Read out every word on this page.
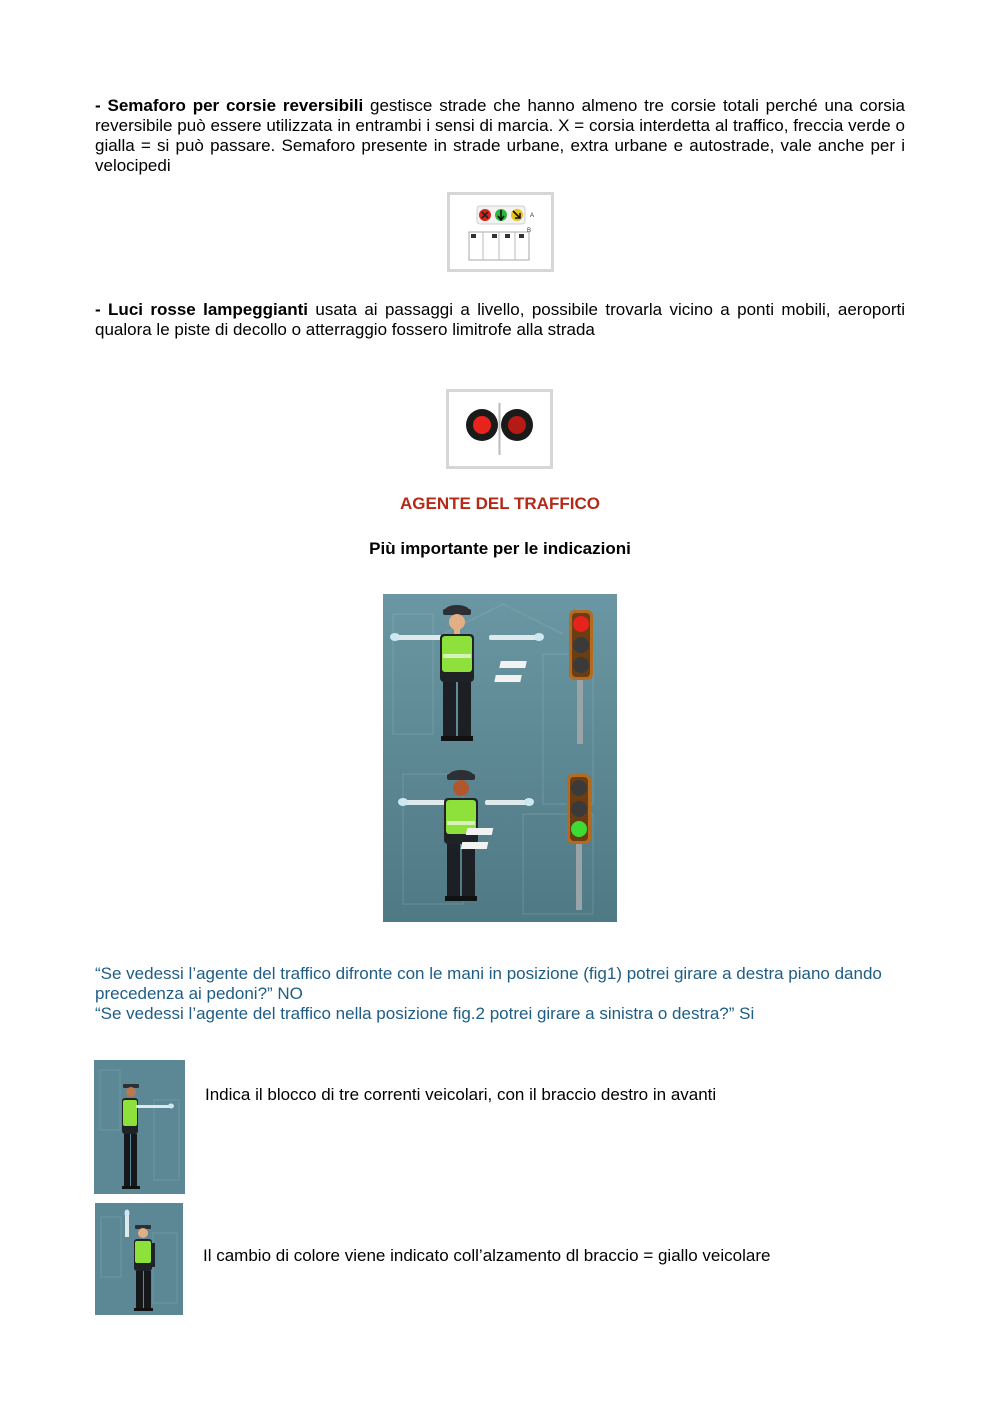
- Semaforo per corsie reversibili gestisce strade che hanno almeno tre corsie totali perché una corsia reversibile può essere utilizzata in entrambi i sensi di marcia. X = corsia interdetta al traffico, freccia verde o gialla = si può passare. Semaforo presente in strade urbane, extra urbane e autostrade, vale anche per i velocipedi
A
B
- Luci rosse lampeggianti usata ai passaggi a livello, possibile trovarla vicino a ponti mobili, aeroporti qualora le piste di decollo o atterraggio fossero limitrofe alla strada
AGENTE DEL TRAFFICO
Più importante per le indicazioni
“Se vedessi l’agente del traffico difronte con le mani in posizione (fig1) potrei girare a destra piano dando precedenza ai pedoni?” NO
“Se vedessi l’agente del traffico nella posizione fig.2 potrei girare a sinistra o destra?” Si
Indica il blocco di tre correnti veicolari, con il braccio destro in avanti
Il cambio di colore viene indicato coll’alzamento dl braccio = giallo veicolare
